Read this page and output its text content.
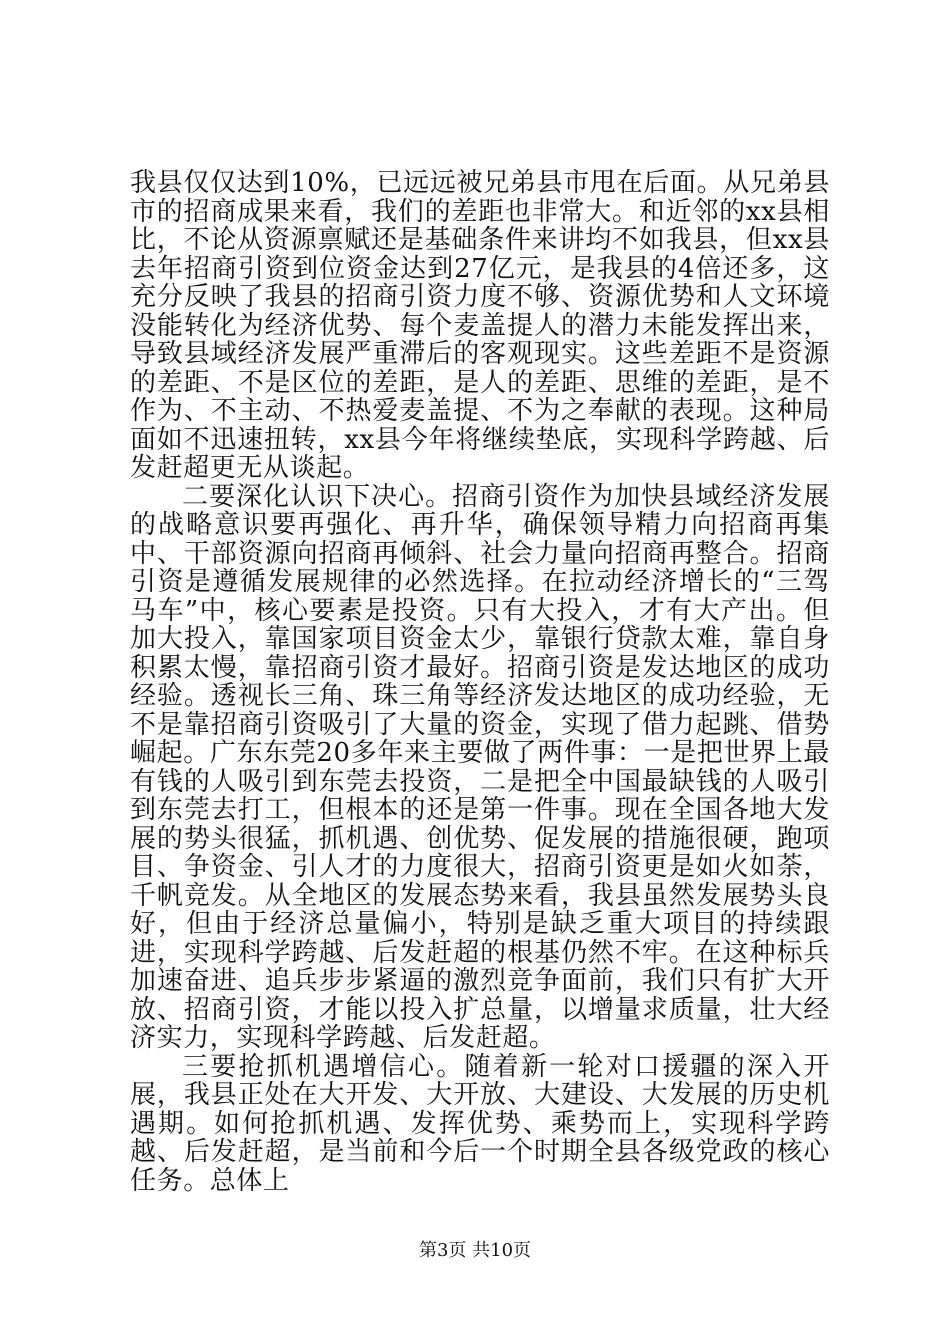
我县仅仅达到10%，已远远被兄弟县市甩在后面。从兄弟县市的招商成果来看，我们的差距也非常大。和近邻的xx县相比，不论从资源禀赋还是基础条件来讲均不如我县，但xx县去年招商引资到位资金达到27亿元，是我县的4倍还多，这充分反映了我县的招商引资力度不够、资源优势和人文环境没能转化为经济优势、每个麦盖提人的潜力未能发挥出来，导致县域经济发展严重滞后的客观现实。这些差距不是资源的差距、不是区位的差距，是人的差距、思维的差距，是不作为、不主动、不热爱麦盖提、不为之奉献的表现。这种局面如不迅速扭转，xx县今年将继续垫底，实现科学跨越、后发赶超更无从谈起。

二要深化认识下决心。招商引资作为加快县域经济发展的战略意识要再强化、再升华，确保领导精力向招商再集中、干部资源向招商再倾斜、社会力量向招商再整合。招商引资是遵循发展规律的必然选择。在拉动经济增长的“三驾马车”中，核心要素是投资。只有大投入，才有大产出。但加大投入，靠国家项目资金太少，靠银行贷款太难，靠自身积累太慢，靠招商引资才最好。招商引资是发达地区的成功经验。透视长三角、珠三角等经济发达地区的成功经验，无不是靠招商引资吸引了大量的资金，实现了借力起跳、借势崛起。广东东莞20多年来主要做了两件事：一是把世界上最有钱的人吸引到东莞去投资，二是把全中国最缺钱的人吸引到东莞去打工，但根本的还是第一件事。现在全国各地大发展的势头很猛，抓机遇、创优势、促发展的措施很硬，跑项目、争资金、引人才的力度很大，招商引资更是如火如荼，千帆竞发。从全地区的发展态势来看，我县虽然发展势头良好，但由于经济总量偏小，特别是缺乏重大项目的持续跟进，实现科学跨越、后发赶超的根基仍然不牢。在这种标兵加速奋进、追兵步步紧逼的激烈竞争面前，我们只有扩大开放、招商引资，才能以投入扩总量，以增量求质量，壮大经济实力，实现科学跨越、后发赶超。

三要抢抓机遇增信心。随着新一轮对口援疆的深入开展，我县正处在大开发、大开放、大建设、大发展的历史机遇期。如何抢抓机遇、发挥优势、乘势而上，实现科学跨越、后发赶超，是当前和今后一个时期全县各级党政的核心任务。总体上

第3页 共10页
